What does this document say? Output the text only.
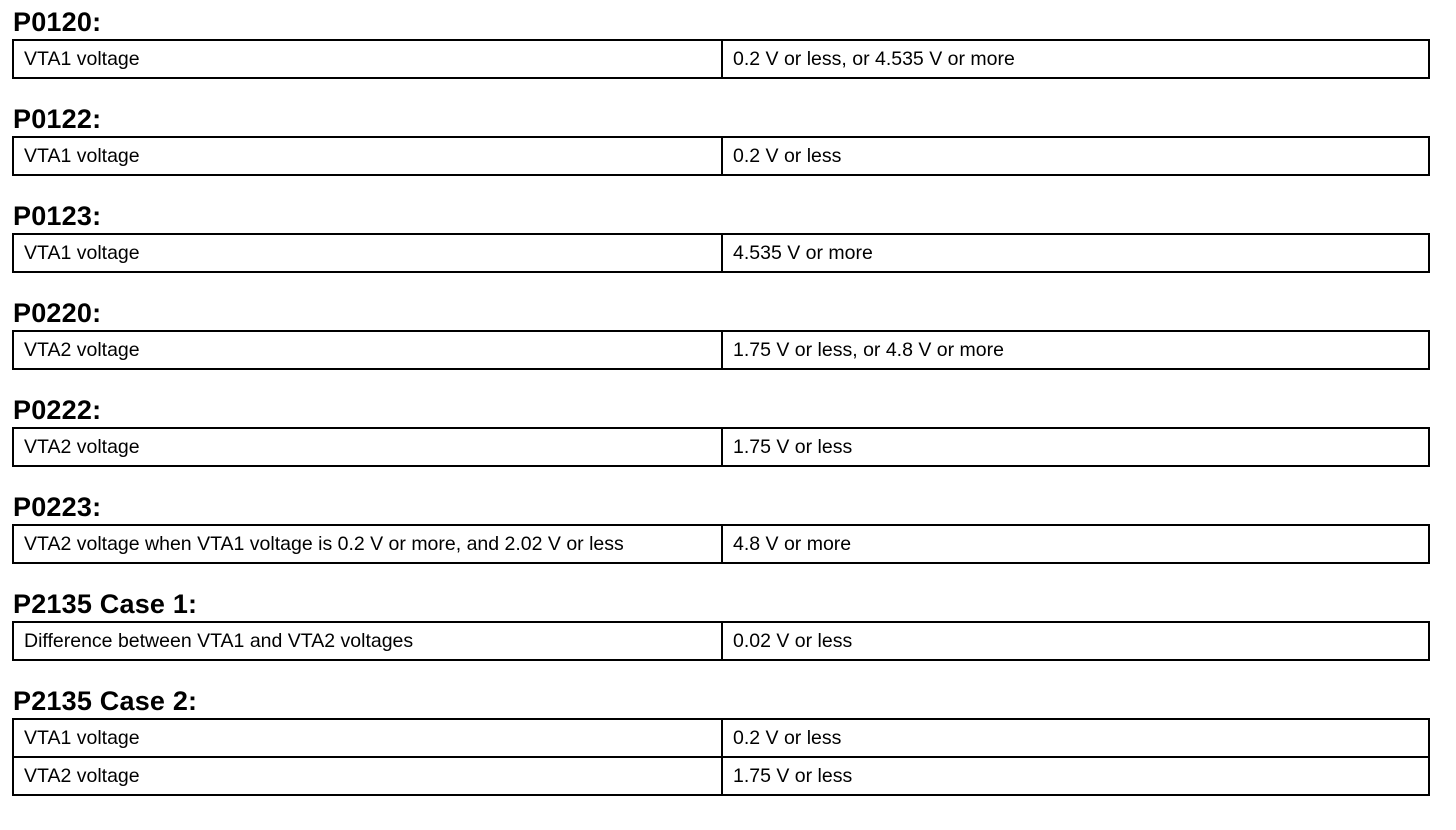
P0120:
VTA1 voltage	0.2 V or less, or 4.535 V or more
P0122:
VTA1 voltage	0.2 V or less
P0123:
VTA1 voltage	4.535 V or more
P0220:
VTA2 voltage	1.75 V or less, or 4.8 V or more
P0222:
VTA2 voltage	1.75 V or less
P0223:
VTA2 voltage when VTA1 voltage is 0.2 V or more, and 2.02 V or less	4.8 V or more
P2135 Case 1:
Difference between VTA1 and VTA2 voltages	0.02 V or less
P2135 Case 2:
VTA1 voltage	0.2 V or less
VTA2 voltage	1.75 V or less
